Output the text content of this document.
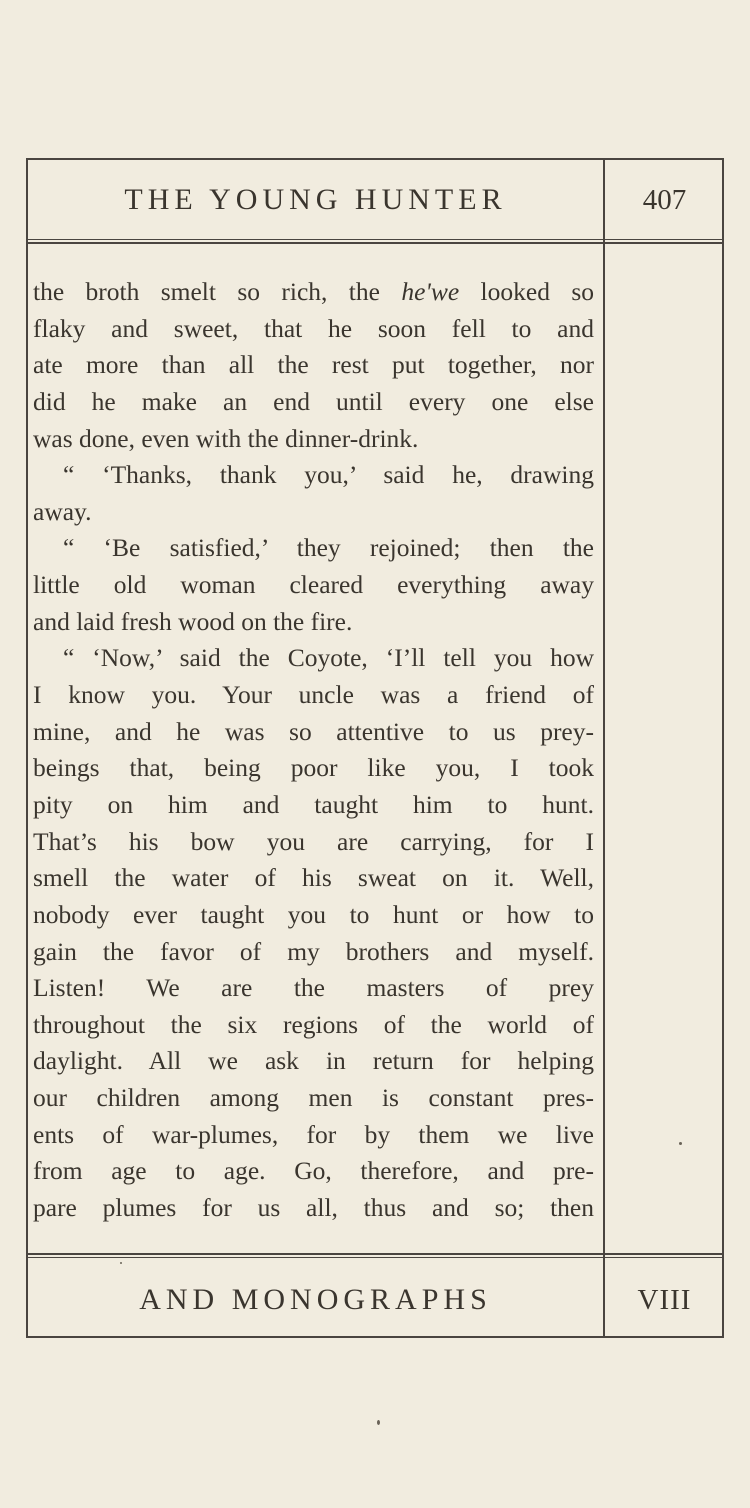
THE YOUNG HUNTER	407
the broth smelt so rich, the he'we looked so
flaky and sweet, that he soon fell to and
ate more than all the rest put together, nor
did he make an end until every one else
was done, even with the dinner-drink.
“ ‘Thanks, thank you,’ said he, drawing
away.
“ ‘Be satisfied,’ they rejoined; then the
little old woman cleared everything away
and laid fresh wood on the fire.
“ ‘Now,’ said the Coyote, ‘I’ll tell you how
I know you. Your uncle was a friend of
mine, and he was so attentive to us prey-
beings that, being poor like you, I took
pity on him and taught him to hunt.
That’s his bow you are carrying, for I
smell the water of his sweat on it. Well,
nobody ever taught you to hunt or how to
gain the favor of my brothers and myself.
Listen! We are the masters of prey
throughout the six regions of the world of
daylight. All we ask in return for helping
our children among men is constant pres-
ents of war-plumes, for by them we live
from age to age. Go, therefore, and pre-
pare plumes for us all, thus and so; then
AND MONOGRAPHS	VIII
